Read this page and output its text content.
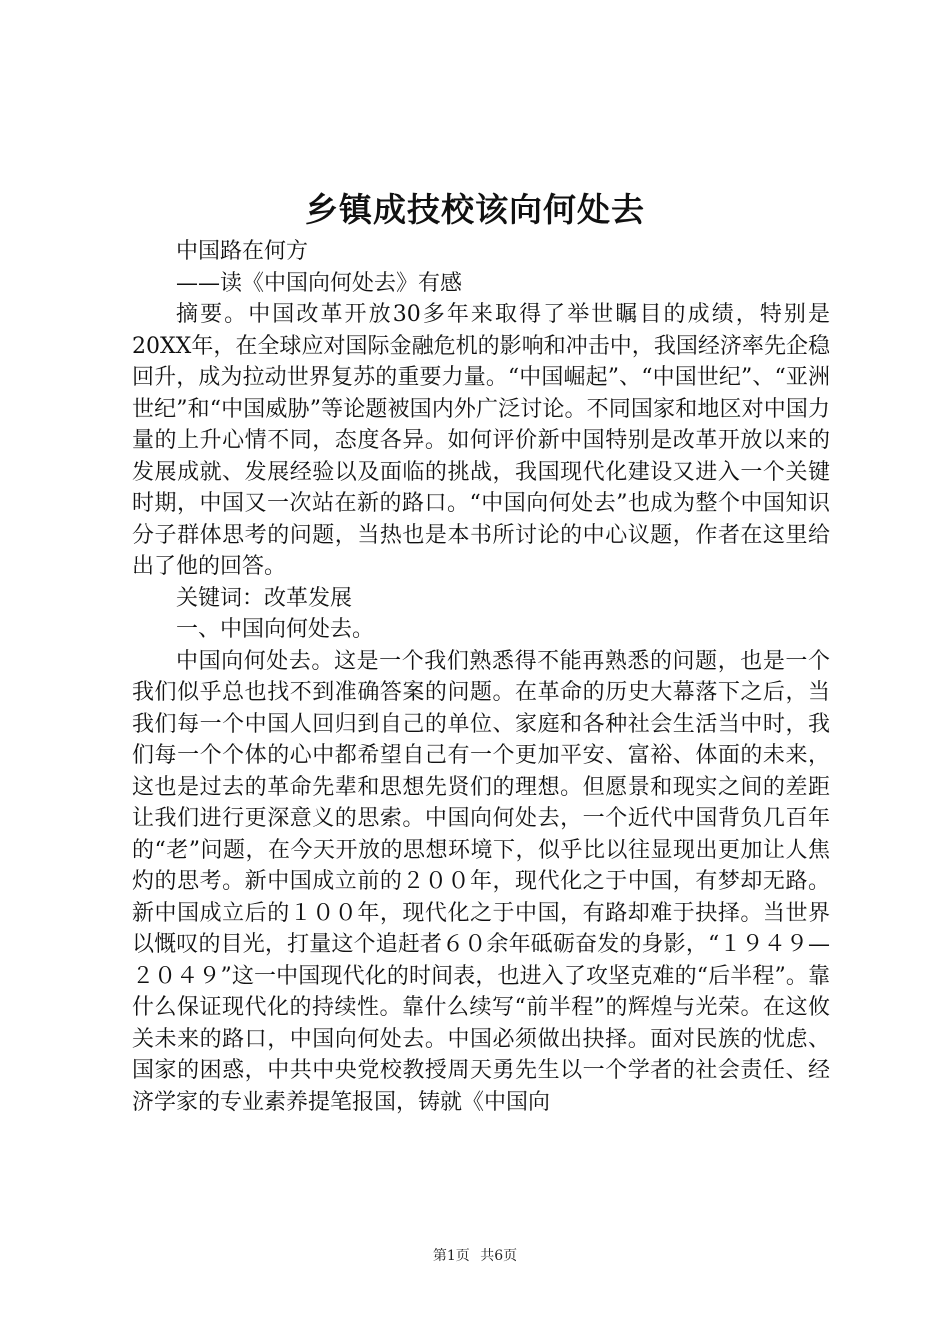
乡镇成技校该向何处去

中国路在何方

——读《中国向何处去》有感

摘要。中国改革开放30多年来取得了举世瞩目的成绩，特别是20XX年，在全球应对国际金融危机的影响和冲击中，我国经济率先企稳回升，成为拉动世界复苏的重要力量。“中国崛起”、“中国世纪”、“亚洲世纪”和“中国威胁”等论题被国内外广泛讨论。不同国家和地区对中国力量的上升心情不同，态度各异。如何评价新中国特别是改革开放以来的发展成就、发展经验以及面临的挑战，我国现代化建设又进入一个关键时期，中国又一次站在新的路口。“中国向何处去”也成为整个中国知识分子群体思考的问题，当热也是本书所讨论的中心议题，作者在这里给出了他的回答。

关键词：改革发展

一、中国向何处去。

中国向何处去。这是一个我们熟悉得不能再熟悉的问题，也是一个我们似乎总也找不到准确答案的问题。在革命的历史大幕落下之后，当我们每一个中国人回归到自己的单位、家庭和各种社会生活当中时，我们每一个个体的心中都希望自己有一个更加平安、富裕、体面的未来，这也是过去的革命先辈和思想先贤们的理想。但愿景和现实之间的差距让我们进行更深意义的思索。中国向何处去，一个近代中国背负几百年的“老”问题，在今天开放的思想环境下，似乎比以往显现出更加让人焦灼的思考。新中国成立前的２００年，现代化之于中国，有梦却无路。新中国成立后的１００年，现代化之于中国，有路却难于抉择。当世界以慨叹的目光，打量这个追赶者６０余年砥砺奋发的身影，“１９４９—２０４９”这一中国现代化的时间表，也进入了攻坚克难的“后半程”。靠什么保证现代化的持续性。靠什么续写“前半程”的辉煌与光荣。在这攸关未来的路口，中国向何处去。中国必须做出抉择。面对民族的忧虑、国家的困惑，中共中央党校教授周天勇先生以一个学者的社会责任、经济学家的专业素养提笔报国，铸就《中国向

第1页 共6页
